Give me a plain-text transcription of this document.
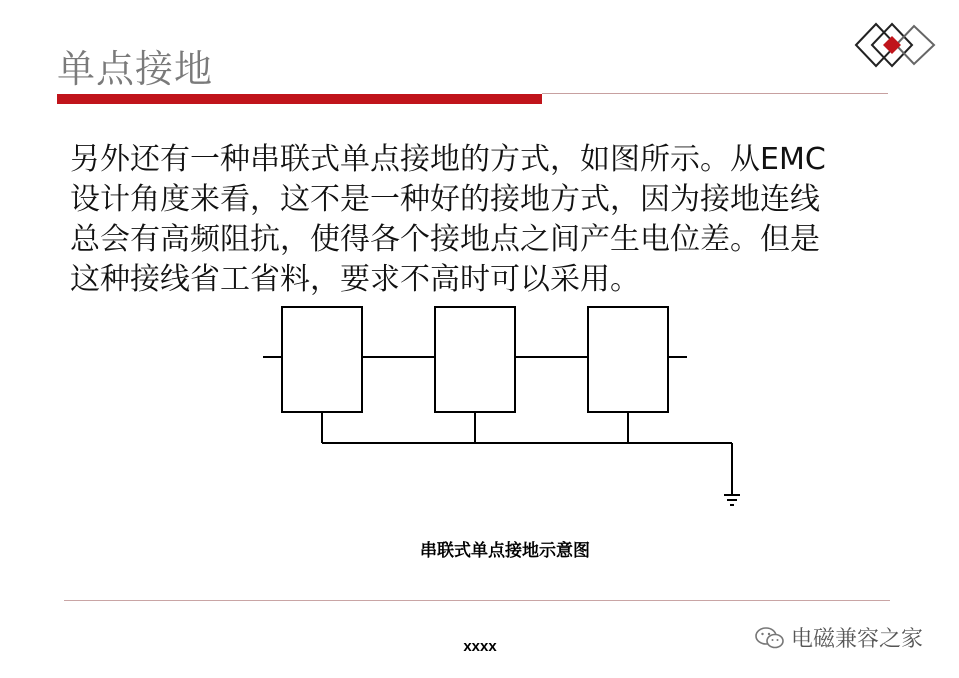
单点接地
另外还有一种串联式单点接地的方式，如图所示。从EMC
设计角度来看，这不是一种好的接地方式，因为接地连线
总会有高频阻抗，使得各个接地点之间产生电位差。但是
这种接线省工省料，要求不高时可以采用。
串联式单点接地示意图
xxxx	电磁兼容之家
